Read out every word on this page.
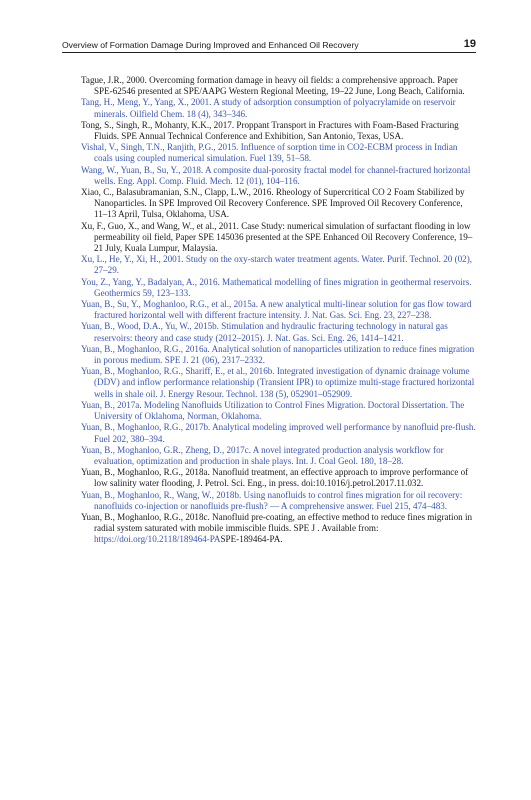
Overview of Formation Damage During Improved and Enhanced Oil Recovery	19

Tague, J.R., 2000. Overcoming formation damage in heavy oil fields: a comprehensive approach. Paper SPE-62546 presented at SPE/AAPG Western Regional Meeting, 19–22 June, Long Beach, California.

Tang, H., Meng, Y., Yang, X., 2001. A study of adsorption consumption of polyacrylamide on reservoir minerals. Oilfield Chem. 18 (4), 343–346.

Tong, S., Singh, R., Mohanty, K.K., 2017. Proppant Transport in Fractures with Foam-Based Fracturing Fluids. SPE Annual Technical Conference and Exhibition, San Antonio, Texas, USA.

Vishal, V., Singh, T.N., Ranjith, P.G., 2015. Influence of sorption time in CO2-ECBM process in Indian coals using coupled numerical simulation. Fuel 139, 51–58.

Wang, W., Yuan, B., Su, Y., 2018. A composite dual-porosity fractal model for channel-fractured horizontal wells. Eng. Appl. Comp. Fluid. Mech. 12 (01), 104–116.

Xiao, C., Balasubramanian, S.N., Clapp, L.W., 2016. Rheology of Supercritical CO 2 Foam Stabilized by Nanoparticles. In SPE Improved Oil Recovery Conference. SPE Improved Oil Recovery Conference, 11–13 April, Tulsa, Oklahoma, USA.

Xu, F., Guo, X., and Wang, W., et al., 2011. Case Study: numerical simulation of surfactant flooding in low permeability oil field, Paper SPE 145036 presented at the SPE Enhanced Oil Recovery Conference, 19–21 July, Kuala Lumpur, Malaysia.

Xu, L., He, Y., Xi, H., 2001. Study on the oxy-starch water treatment agents. Water. Purif. Technol. 20 (02), 27–29.

You, Z., Yang, Y., Badalyan, A., 2016. Mathematical modelling of fines migration in geothermal reservoirs. Geothermics 59, 123–133.

Yuan, B., Su, Y., Moghanloo, R.G., et al., 2015a. A new analytical multi-linear solution for gas flow toward fractured horizontal well with different fracture intensity. J. Nat. Gas. Sci. Eng. 23, 227–238.

Yuan, B., Wood, D.A., Yu, W., 2015b. Stimulation and hydraulic fracturing technology in natural gas reservoirs: theory and case study (2012–2015). J. Nat. Gas. Sci. Eng. 26, 1414–1421.

Yuan, B., Moghanloo, R.G., 2016a. Analytical solution of nanoparticles utilization to reduce fines migration in porous medium. SPE J. 21 (06), 2317–2332.

Yuan, B., Moghanloo, R.G., Shariff, E., et al., 2016b. Integrated investigation of dynamic drainage volume (DDV) and inflow performance relationship (Transient IPR) to optimize multi-stage fractured horizontal wells in shale oil. J. Energy Resour. Technol. 138 (5), 052901–052909.

Yuan, B., 2017a. Modeling Nanofluids Utilization to Control Fines Migration. Doctoral Dissertation. The University of Oklahoma, Norman, Oklahoma.

Yuan, B., Moghanloo, R.G., 2017b. Analytical modeling improved well performance by nanofluid pre-flush. Fuel 202, 380–394.

Yuan, B., Moghanloo, G.R., Zheng, D., 2017c. A novel integrated production analysis workflow for evaluation, optimization and production in shale plays. Int. J. Coal Geol. 180, 18–28.

Yuan, B., Moghanloo, R.G., 2018a. Nanofluid treatment, an effective approach to improve performance of low salinity water flooding, J. Petrol. Sci. Eng., in press. doi:10.1016/j.petrol.2017.11.032.

Yuan, B., Moghanloo, R., Wang, W., 2018b. Using nanofluids to control fines migration for oil recovery: nanofluids co-injection or nanofluids pre-flush? — A comprehensive answer. Fuel 215, 474–483.

Yuan, B., Moghanloo, R.G., 2018c. Nanofluid pre-coating, an effective method to reduce fines migration in radial system saturated with mobile immiscible fluids. SPE J . Available from: https://doi.org/10.2118/189464-PASPE-189464-PA.
